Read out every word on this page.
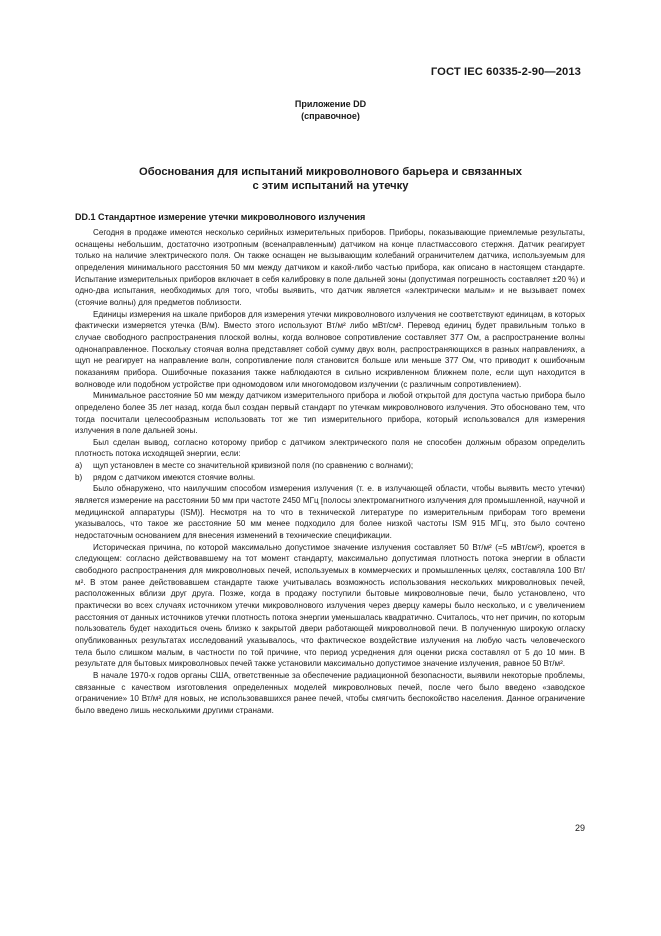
ГОСТ IEC 60335-2-90—2013
Приложение DD
(справочное)
Обоснования для испытаний микроволнового барьера и связанных
с этим испытаний на утечку
DD.1 Стандартное измерение утечки микроволнового излучения

Сегодня в продаже имеются несколько серийных измерительных приборов. Приборы, показывающие приемлемые результаты, оснащены небольшим, достаточно изотропным (всенаправленным) датчиком на конце пластмассового стержня. Датчик реагирует только на наличие электрического поля. Он также оснащен не вызывающим колебаний ограничителем датчика, используемым для определения минимального расстояния 50 мм между датчиком и какой-либо частью прибора, как описано в настоящем стандарте. Испытание измерительных приборов включает в себя калибровку в поле дальней зоны (допустимая погрешность составляет ±20 %) и одно-два испытания, необходимых для того, чтобы выявить, что датчик является «электрически малым» и не вызывает помех (стоячие волны) для предметов поблизости.

Единицы измерения на шкале приборов для измерения утечки микроволнового излучения не соответствуют единицам, в которых фактически измеряется утечка (В/м). Вместо этого используют Вт/м² либо мВт/см². Перевод единиц будет правильным только в случае свободного распространения плоской волны, когда волновое сопротивление составляет 377 Ом, а распространение волны однонаправленное. Поскольку стоячая волна представляет собой сумму двух волн, распространяющихся в разных направлениях, а щуп не реагирует на направление волн, сопротивление поля становится больше или меньше 377 Ом, что приводит к ошибочным показаниям прибора. Ошибочные показания также наблюдаются в сильно искривленном ближнем поле, если щуп находится в волноводе или подобном устройстве при одномодовом или многомодовом излучении (с различным сопротивлением).

Минимальное расстояние 50 мм между датчиком измерительного прибора и любой открытой для доступа частью прибора было определено более 35 лет назад, когда был создан первый стандарт по утечкам микроволнового излучения. Это обосновано тем, что тогда посчитали целесообразным использовать тот же тип измерительного прибора, который использовался для измерения излучения в поле дальней зоны.

Был сделан вывод, согласно которому прибор с датчиком электрического поля не способен должным образом определить плотность потока исходящей энергии, если:

a) щуп установлен в месте со значительной кривизной поля (по сравнению с волнами);

b) рядом с датчиком имеются стоячие волны.

Было обнаружено, что наилучшим способом измерения излучения (т. е. в излучающей области, чтобы выявить место утечки) является измерение на расстоянии 50 мм при частоте 2450 МГц [полосы электромагнитного излучения для промышленной, научной и медицинской аппаратуры (ISM)]. Несмотря на то что в технической литературе по измерительным приборам того времени указывалось, что такое же расстояние 50 мм менее подходило для более низкой частоты ISM 915 МГц, это было сочтено недостаточным основанием для внесения изменений в технические спецификации.

Историческая причина, по которой максимально допустимое значение излучения составляет 50 Вт/м² (=5 мВт/см²), кроется в следующем: согласно действовавшему на тот момент стандарту, максимально допустимая плотность потока энергии в области свободного распространения для микроволновых печей, используемых в коммерческих и промышленных целях, составляла 100 Вт/м². В этом ранее действовавшем стандарте также учитывалась возможность использования нескольких микроволновых печей, расположенных вблизи друг друга. Позже, когда в продажу поступили бытовые микроволновые печи, было установлено, что практически во всех случаях источником утечки микроволнового излучения через дверцу камеры было несколько, и с увеличением расстояния от данных источников утечки плотность потока энергии уменьшалась квадратично. Считалось, что нет причин, по которым пользователь будет находиться очень близко к закрытой двери работающей микроволновой печи. В полученную широкую огласку опубликованных результатах исследований указывалось, что фактическое воздействие излучения на любую часть человеческого тела было слишком малым, в частности по той причине, что период усреднения для оценки риска составлял от 5 до 10 мин. В результате для бытовых микроволновых печей также установили максимально допустимое значение излучения, равное 50 Вт/м².

В начале 1970-х годов органы США, ответственные за обеспечение радиационной безопасности, выявили некоторые проблемы, связанные с качеством изготовления определенных моделей микроволновых печей, после чего было введено «заводское ограничение» 10 Вт/м² для новых, не использовавшихся ранее печей, чтобы смягчить беспокойство населения. Данное ограничение было введено лишь несколькими другими странами.

29
